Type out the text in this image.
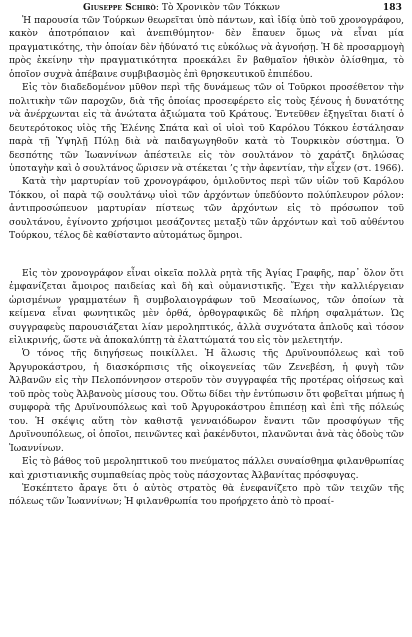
Giuseppe Schirò: Τὸ Χρονικὸν τῶν Τόκκων	183

Ἡ παρουσία τῶν Τούρκων θεωρεῖται ὑπὸ πάντων, καὶ ἰδίᾳ ὑπὸ τοῦ χρονογράφου, κακὸν ἀποτρόπαιον καὶ ἀνεπιθύμητον· δὲν ἔπαυεν ὅμως νὰ εἶναι μία πραγματικότης, τὴν ὁποίαν δὲν ἠδύνατό τις εὐκόλως νὰ ἀγνοήσῃ. Ἡ δὲ προσαρμογὴ πρὸς ἐκείνην τὴν πραγματικότητα προεκάλει ἓν βαθμαῖον ἠθικὸν ὀλίσθημα, τὸ ὁποῖον συχνὰ ἀπέβαινε συμβιβασμὸς ἐπὶ θρησκευτικοῦ ἐπιπέδου.

Εἰς τὸν διαδεδομένον μῦθον περὶ τῆς δυνάμεως τῶν οἱ Τοῦρκοι προσέθετον τὴν πολιτικὴν τῶν παροχῶν, διὰ τῆς ὁποίας προσεφέρετο εἰς τοὺς ξένους ἡ δυνατότης νὰ ἀνέρχωνται εἰς τὰ ἀνώτατα ἀξιώματα τοῦ Κράτους. Ἐντεῦθεν ἐξηγεῖται διατί ὁ δευτερότοκος υἱὸς τῆς Ἑλένης Σπάτα καὶ οἱ υἱοὶ τοῦ Καρόλου Τόκκου ἐστάλησαν παρὰ τῇ Ὑψηλῇ Πύλῃ διὰ νὰ παιδαγωγηθοῦν κατὰ τὸ Τουρκικὸν σύστημα. Ὁ δεσπότης τῶν Ἰωαννίνων ἀπέστειλε εἰς τὸν σουλτάνον τὸ χαράτζι δηλώσας ὑποταγὴν καὶ ὁ σουλτάνος ὥρισεν νὰ στέκεται ’ς τὴν ἀφεντίαν, τὴν εἶχεν (στ. 1966).

Κατὰ τὴν μαρτυρίαν τοῦ χρονογράφου, ὁμιλοῦντος περὶ τῶν υἱῶν τοῦ Καρόλου Τόκκου, οἱ παρὰ τῷ σουλτάνῳ υἱοὶ τῶν ἀρχόντων ὑπεδύοντο πολύπλευρον ρόλον: ἀντιπροσώπευον μαρτυρίαν πίστεως τῶν ἀρχόντων εἰς τὸ πρόσωπον τοῦ σουλτάνου, ἐγίνοντο χρήσιμοι μεσάζοντες μεταξὺ τῶν ἀρχόντων καὶ τοῦ αὐθέντου Τούρκου, τέλος δὲ καθίσταντο αὐτομάτως ὅμηροι.

Εἰς τὸν χρονογράφον εἶναι οἰκεῖα πολλὰ ρητὰ τῆς Ἁγίας Γραφῆς, παρ᾿ ὅλον ὅτι ἐμφανίζεται ἄμοιρος παιδείας καὶ δὴ καὶ οὑμανιστικῆς. Ἔχει τὴν καλλιέργειαν ὡρισμένων γραμματέων ἢ συμβολαιογράφων τοῦ Μεσαίωνος, τῶν ὁποίων τὰ κείμενα εἶναι φωνητικῶς μὲν ὀρθά, ὀρθογραφικῶς δὲ πλήρη σφαλμάτων. Ὡς συγγραφεὺς παρουσιάζεται λίαν μεροληπτικός, ἀλλὰ συχνότατα ἁπλοῦς καὶ τόσον εἰλικρινής, ὥστε νὰ ἀποκαλύπτῃ τὰ ἐλαττώματά του εἰς τὸν μελετητήν.

Ὁ τόνος τῆς διηγήσεως ποικίλλει. Ἡ ἅλωσις τῆς Δρυϊνουπόλεως καὶ τοῦ Ἀργυροκάστρου, ἡ διασκόρπισις τῆς οἰκογενείας τῶν Ζενεβέση, ἡ φυγὴ τῶν Ἀλβανῶν εἰς τὴν Πελοπόννησον στεροῦν τὸν συγγραφέα τῆς προτέρας οἰήσεως καὶ τοῦ πρὸς τοὺς Ἀλβανοὺς μίσους του. Οὕτω δίδει τὴν ἐντύπωσιν ὅτι φοβεῖται μήπως ἡ συμφορὰ τῆς Δρυϊνουπόλεως καὶ τοῦ Ἀργυροκάστρου ἐπιπέσῃ καὶ ἐπὶ τῆς πόλεώς του. Ἡ σκέψις αὕτη τὸν καθιστᾷ γενναιόδωρον ἔναντι τῶν προσφύγων τῆς Δρυϊνουπόλεως, οἱ ὁποῖοι, πεινῶντες καὶ ῥακένδυτοι, πλανῶνται ἀνὰ τὰς ὁδοὺς τῶν Ἰωαννίνων.

Εἰς τὸ βάθος τοῦ μεροληπτικοῦ του πνεύματος πάλλει συναίσθημα φιλανθρωπίας καὶ χριστιανικῆς συμπαθείας πρὸς τοὺς πάσχοντας Ἀλβανίτας πρόσφυγας.

Ἐσκέπτετο ἄραγε ὅτι ὁ αὐτὸς στρατὸς θὰ ἐνεφανίζετο πρὸ τῶν τειχῶν τῆς πόλεως τῶν Ἰωαννίνων; Ἡ φιλανθρωπία του προήρχετο ἀπὸ τὸ προαί-
